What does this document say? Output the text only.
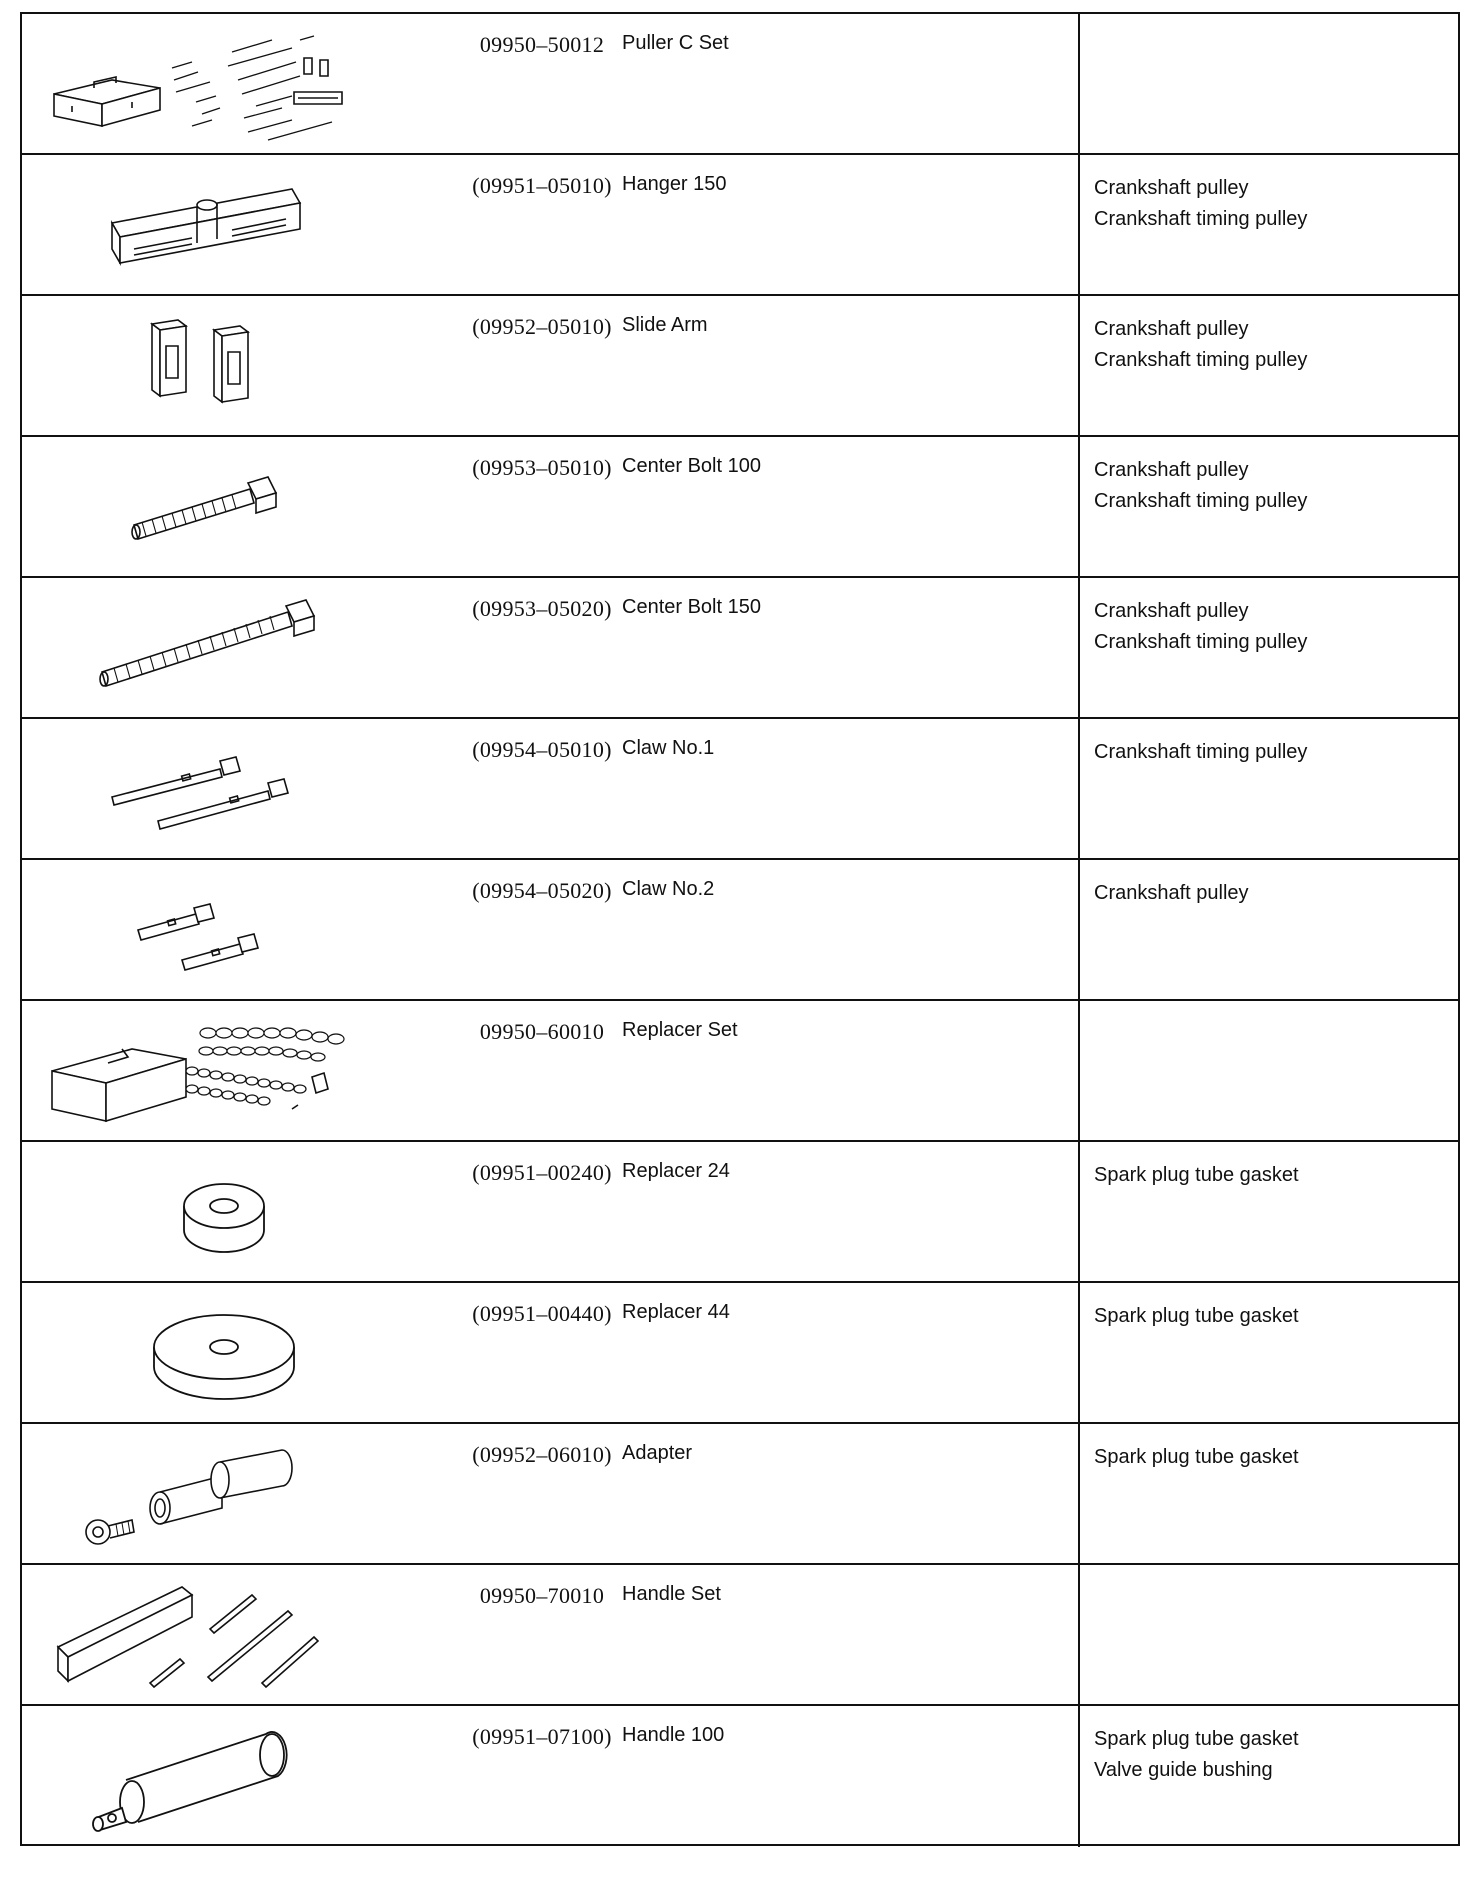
09950–50012 Puller C Set
(09951–05010) Hanger 150	Crankshaft pulley
Crankshaft timing pulley
(09952–05010) Slide Arm	Crankshaft pulley
Crankshaft timing pulley
(09953–05010) Center Bolt 100	Crankshaft pulley
Crankshaft timing pulley
(09953–05020) Center Bolt 150	Crankshaft pulley
Crankshaft timing pulley
(09954–05010) Claw No.1	Crankshaft timing pulley
(09954–05020) Claw No.2	Crankshaft pulley
09950–60010 Replacer Set
(09951–00240) Replacer 24	Spark plug tube gasket
(09951–00440) Replacer 44	Spark plug tube gasket
(09952–06010) Adapter	Spark plug tube gasket
09950–70010 Handle Set
(09951–07100) Handle 100	Spark plug tube gasket
Valve guide bushing
